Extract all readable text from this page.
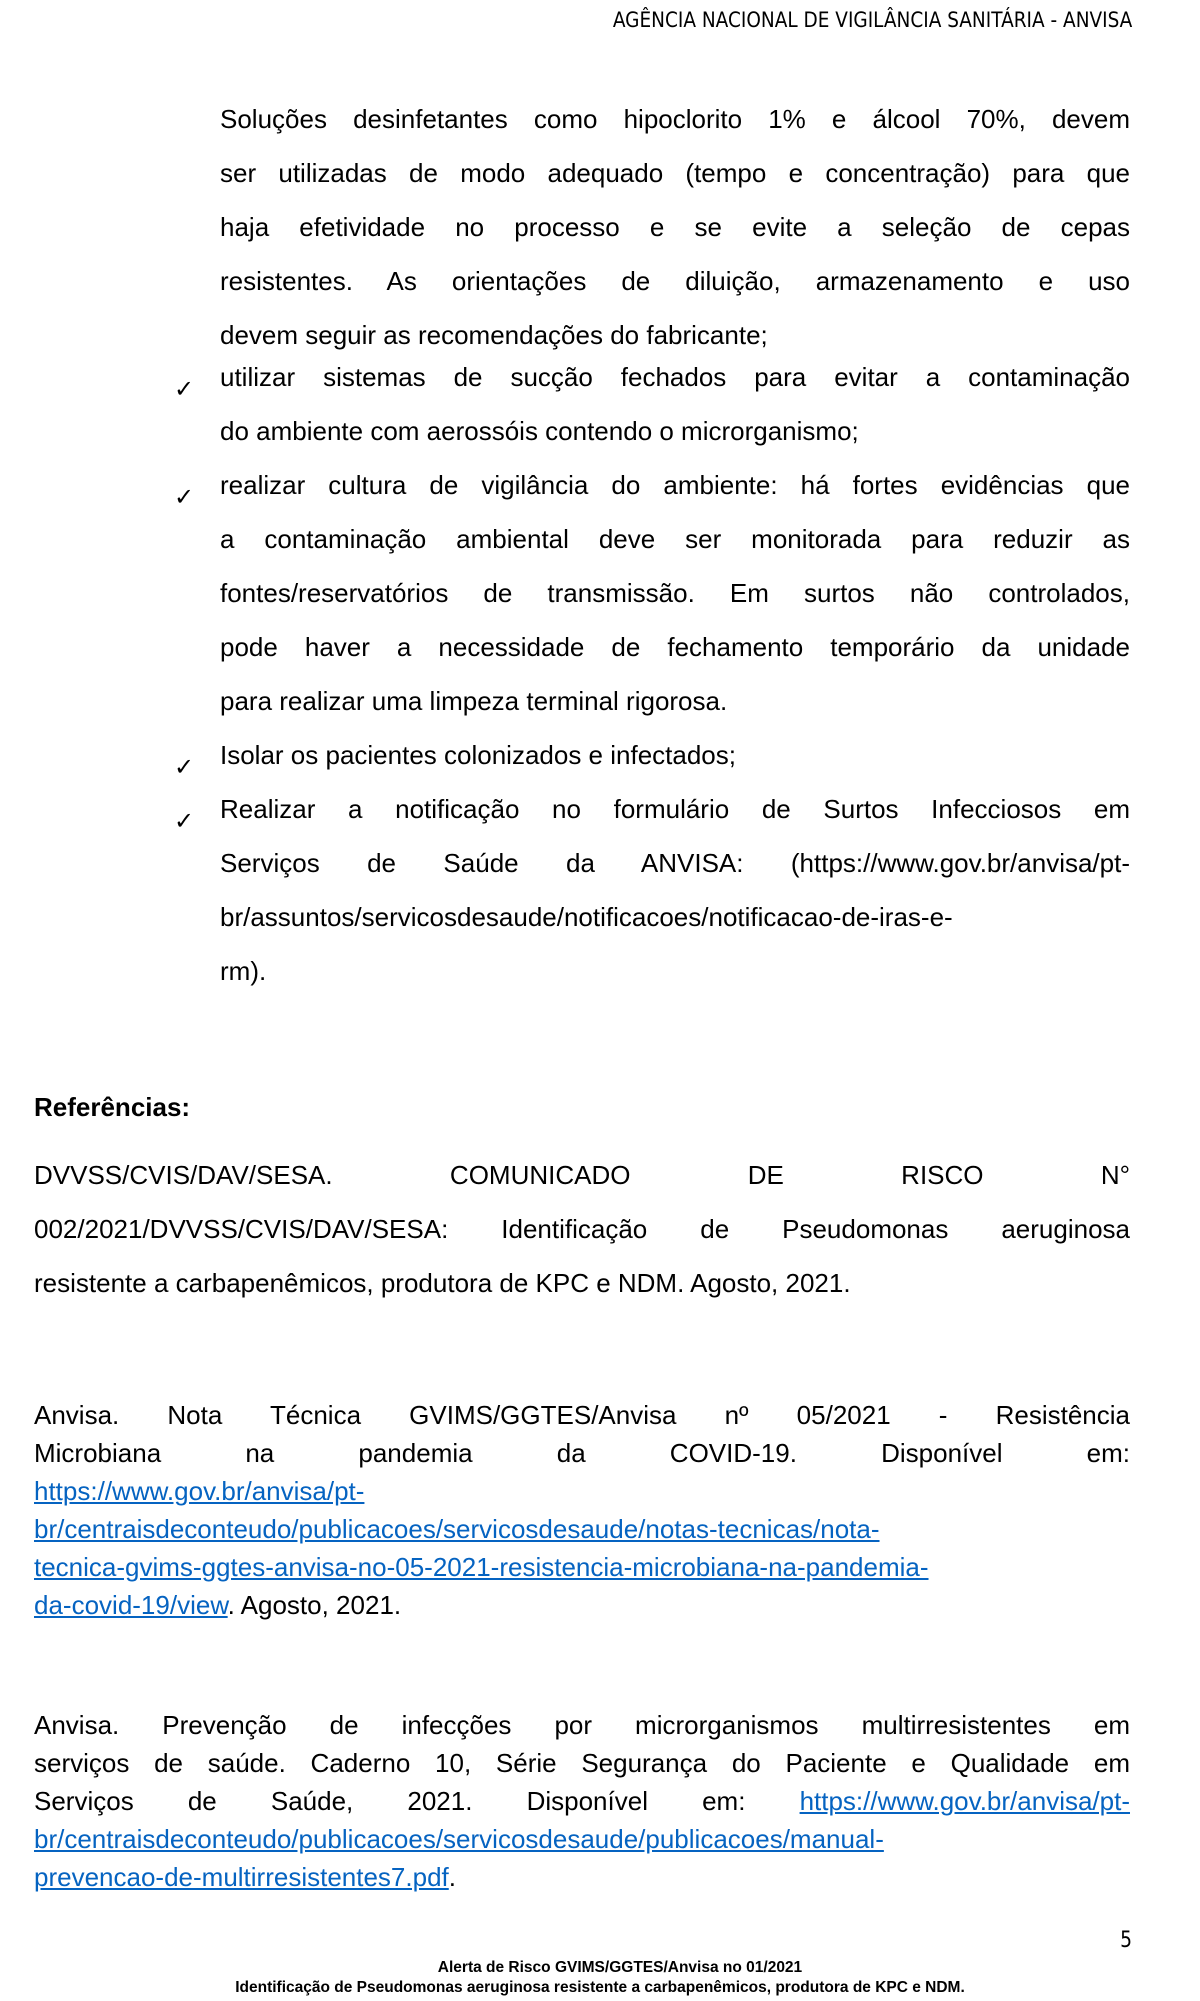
AGÊNCIA NACIONAL DE VIGILÂNCIA SANITÁRIA - ANVISA
Soluções desinfetantes como hipoclorito 1% e álcool 70%, devem
ser utilizadas de modo adequado (tempo e concentração) para que
haja efetividade no processo e se evite a seleção de cepas
resistentes. As orientações de diluição, armazenamento e uso
devem seguir as recomendações do fabricante;
✓ utilizar sistemas de sucção fechados para evitar a contaminação
do ambiente com aerossóis contendo o microrganismo;
✓ realizar cultura de vigilância do ambiente: há fortes evidências que
a contaminação ambiental deve ser monitorada para reduzir as
fontes/reservatórios de transmissão. Em surtos não controlados,
pode haver a necessidade de fechamento temporário da unidade
para realizar uma limpeza terminal rigorosa.
✓ Isolar os pacientes colonizados e infectados;
✓ Realizar a notificação no formulário de Surtos Infecciosos em
Serviços de Saúde da ANVISA: (https://www.gov.br/anvisa/pt-
br/assuntos/servicosdesaude/notificacoes/notificacao-de-iras-e-
rm).
Referências:
DVVSS/CVIS/DAV/SESA. COMUNICADO DE RISCO N°
002/2021/DVVSS/CVIS/DAV/SESA: Identificação de Pseudomonas aeruginosa
resistente a carbapenêmicos, produtora de KPC e NDM. Agosto, 2021.
Anvisa. Nota Técnica GVIMS/GGTES/Anvisa nº 05/2021 - Resistência
Microbiana na pandemia da COVID-19. Disponível em:
https://www.gov.br/anvisa/pt-
br/centraisdeconteudo/publicacoes/servicosdesaude/notas-tecnicas/nota-
tecnica-gvims-ggtes-anvisa-no-05-2021-resistencia-microbiana-na-pandemia-
da-covid-19/view. Agosto, 2021.
Anvisa. Prevenção de infecções por microrganismos multirresistentes em
serviços de saúde. Caderno 10, Série Segurança do Paciente e Qualidade em
Serviços de Saúde, 2021. Disponível em: https://www.gov.br/anvisa/pt-
br/centraisdeconteudo/publicacoes/servicosdesaude/publicacoes/manual-
prevencao-de-multirresistentes7.pdf.
5
Alerta de Risco GVIMS/GGTES/Anvisa no 01/2021
Identificação de Pseudomonas aeruginosa resistente a carbapenêmicos, produtora de KPC e NDM.
